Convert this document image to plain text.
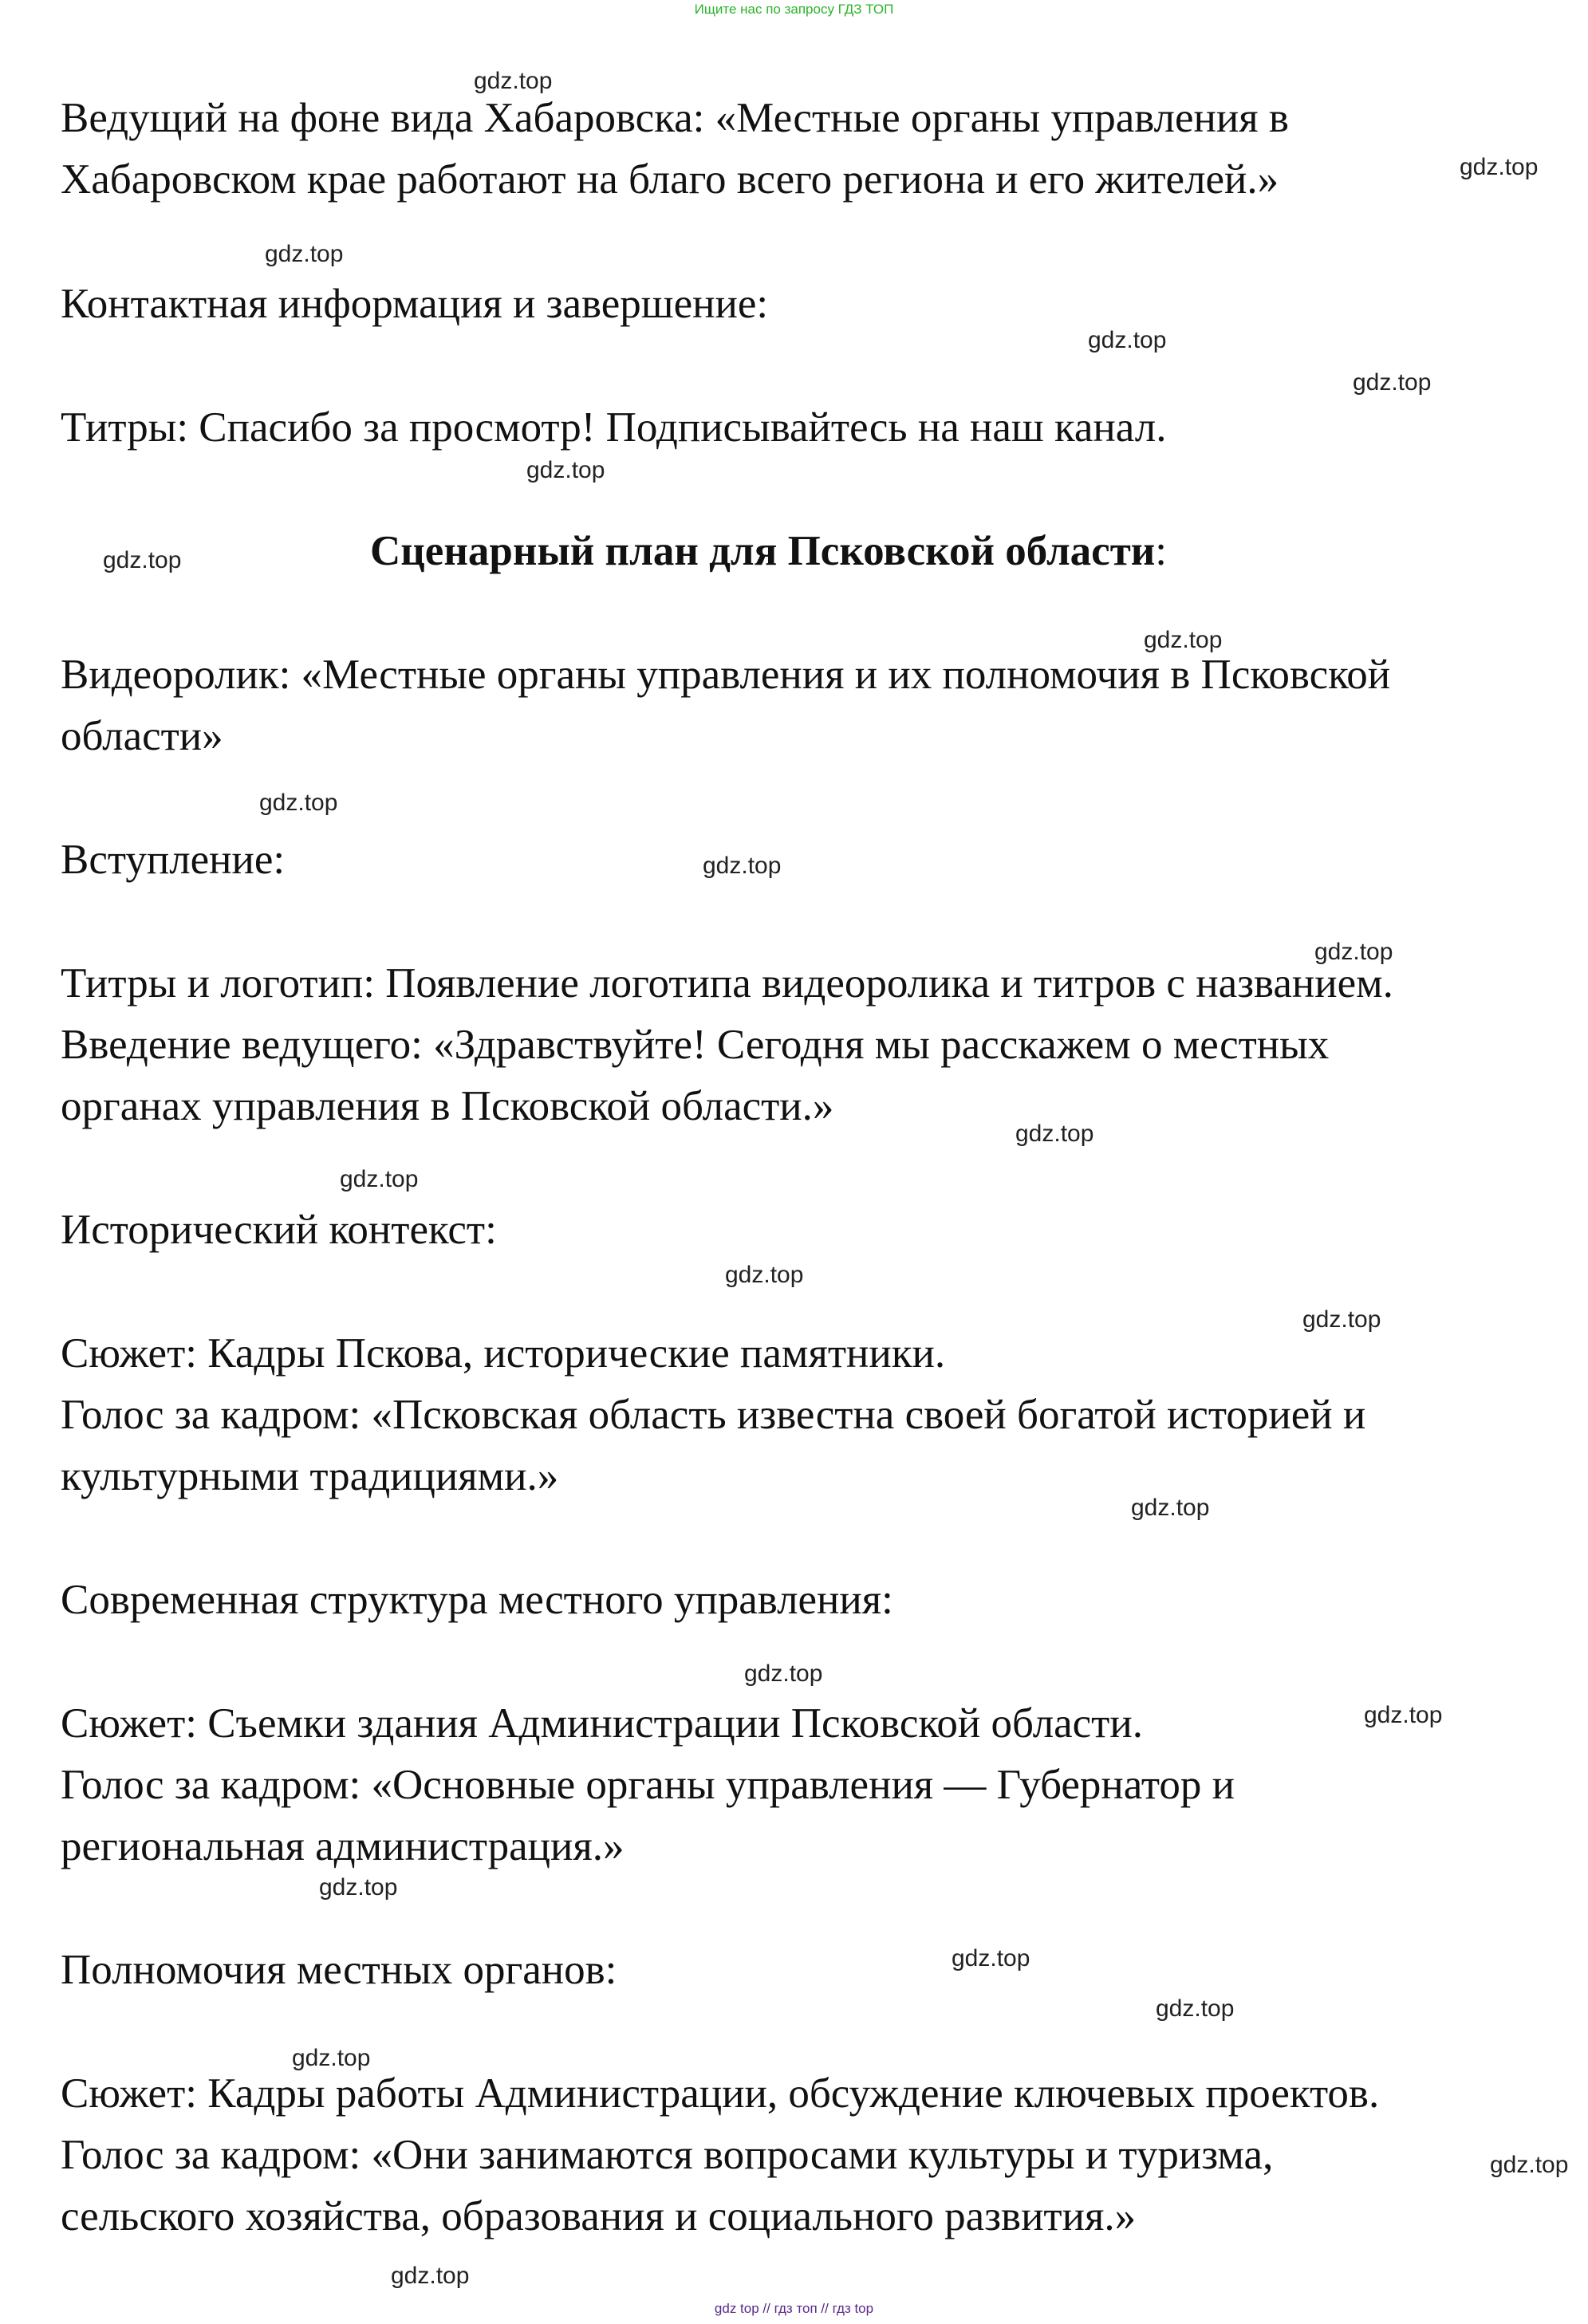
Ищите нас по запросу ГДЗ ТОП
Ведущий на фоне вида Хабаровска: «Местные органы управления в
Хабаровском крае работают на благо всего региона и его жителей.»
Контактная информация и завершение:
Титры: Спасибо за просмотр! Подписывайтесь на наш канал.
Сценарный план для Псковской области:
Видеоролик: «Местные органы управления и их полномочия в Псковской
области»
Вступление:
Титры и логотип: Появление логотипа видеоролика и титров с названием.
Введение ведущего: «Здравствуйте! Сегодня мы расскажем о местных
органах управления в Псковской области.»
Исторический контекст:
Сюжет: Кадры Пскова, исторические памятники.
Голос за кадром: «Псковская область известна своей богатой историей и
культурными традициями.»
Современная структура местного управления:
Сюжет: Съемки здания Администрации Псковской области.
Голос за кадром: «Основные органы управления — Губернатор и
региональная администрация.»
Полномочия местных органов:
Сюжет: Кадры работы Администрации, обсуждение ключевых проектов.
Голос за кадром: «Они занимаются вопросами культуры и туризма,
сельского хозяйства, образования и социального развития.»
gdz.top
gdz.top
gdz.top
gdz.top
gdz.top
gdz.top
gdz.top
gdz.top
gdz.top
gdz.top
gdz.top
gdz.top
gdz.top
gdz.top
gdz.top
gdz.top
gdz.top
gdz.top
gdz.top
gdz.top
gdz.top
gdz.top
gdz.top
gdz.top
gdz top // гдз топ // гдз top
